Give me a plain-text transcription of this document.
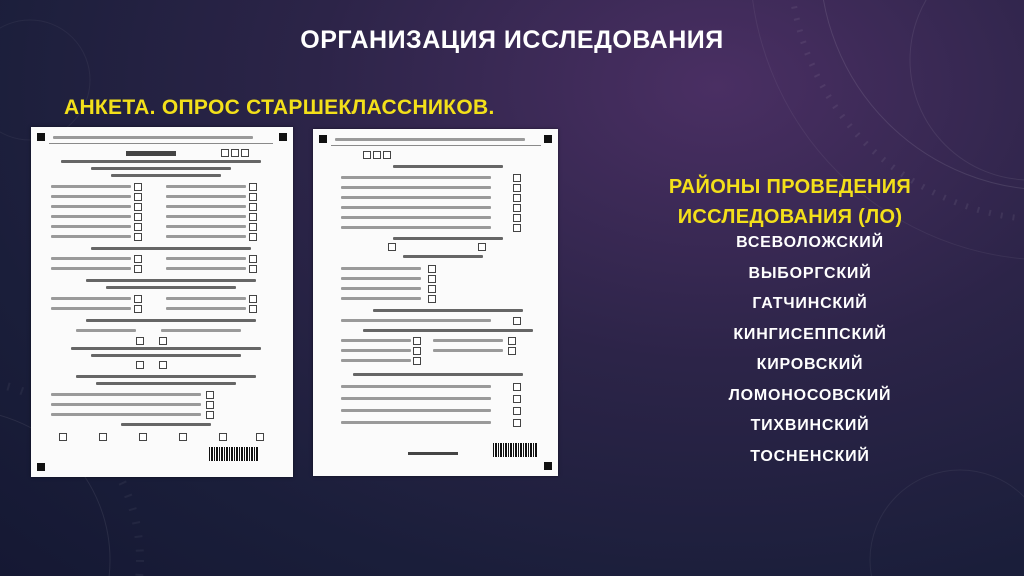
ОРГАНИЗАЦИЯ ИССЛЕДОВАНИЯ
АНКЕТА. ОПРОС СТАРШЕКЛАССНИКОВ.
РАЙОНЫ ПРОВЕДЕНИЯ ИССЛЕДОВАНИЯ (ЛО)
ВСЕВОЛОЖСКИЙ
ВЫБОРГСКИЙ
ГАТЧИНСКИЙ
КИНГИСЕППСКИЙ
КИРОВСКИЙ
ЛОМОНОСОВСКИЙ
ТИХВИНСКИЙ
ТОСНЕНСКИЙ
